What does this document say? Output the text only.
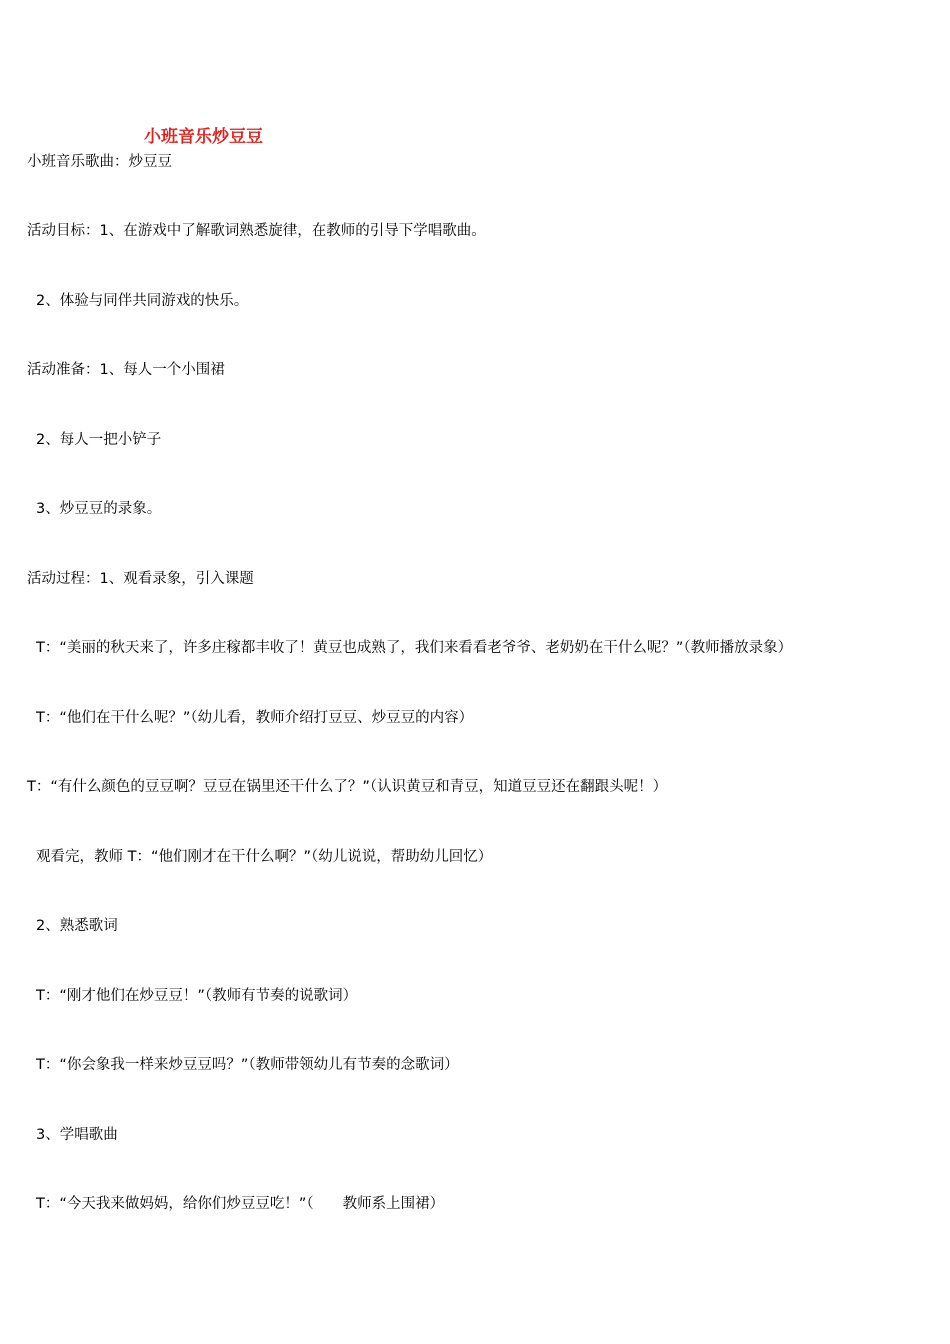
小班音乐炒豆豆
小班音乐歌曲：炒豆豆
活动目标：1、在游戏中了解歌词熟悉旋律，在教师的引导下学唱歌曲。
2、体验与同伴共同游戏的快乐。
活动准备：1、每人一个小围裙
2、每人一把小铲子
3、炒豆豆的录象。
活动过程：1、观看录象，引入课题
T：“美丽的秋天来了，许多庄稼都丰收了！黄豆也成熟了，我们来看看老爷爷、老奶奶在干什么呢？”（教师播放录象）
T：“他们在干什么呢？”（幼儿看，教师介绍打豆豆、炒豆豆的内容）
T：“有什么颜色的豆豆啊？豆豆在锅里还干什么了？”（认识黄豆和青豆，知道豆豆还在翻跟头呢！）
观看完，教师 T：“他们刚才在干什么啊？”（幼儿说说，帮助幼儿回忆）
2、熟悉歌词
T：“刚才他们在炒豆豆！”（教师有节奏的说歌词）
T：“你会象我一样来炒豆豆吗？”（教师带领幼儿有节奏的念歌词）
3、学唱歌曲
T：“今天我来做妈妈，给你们炒豆豆吃！”（　　教师系上围裙）
